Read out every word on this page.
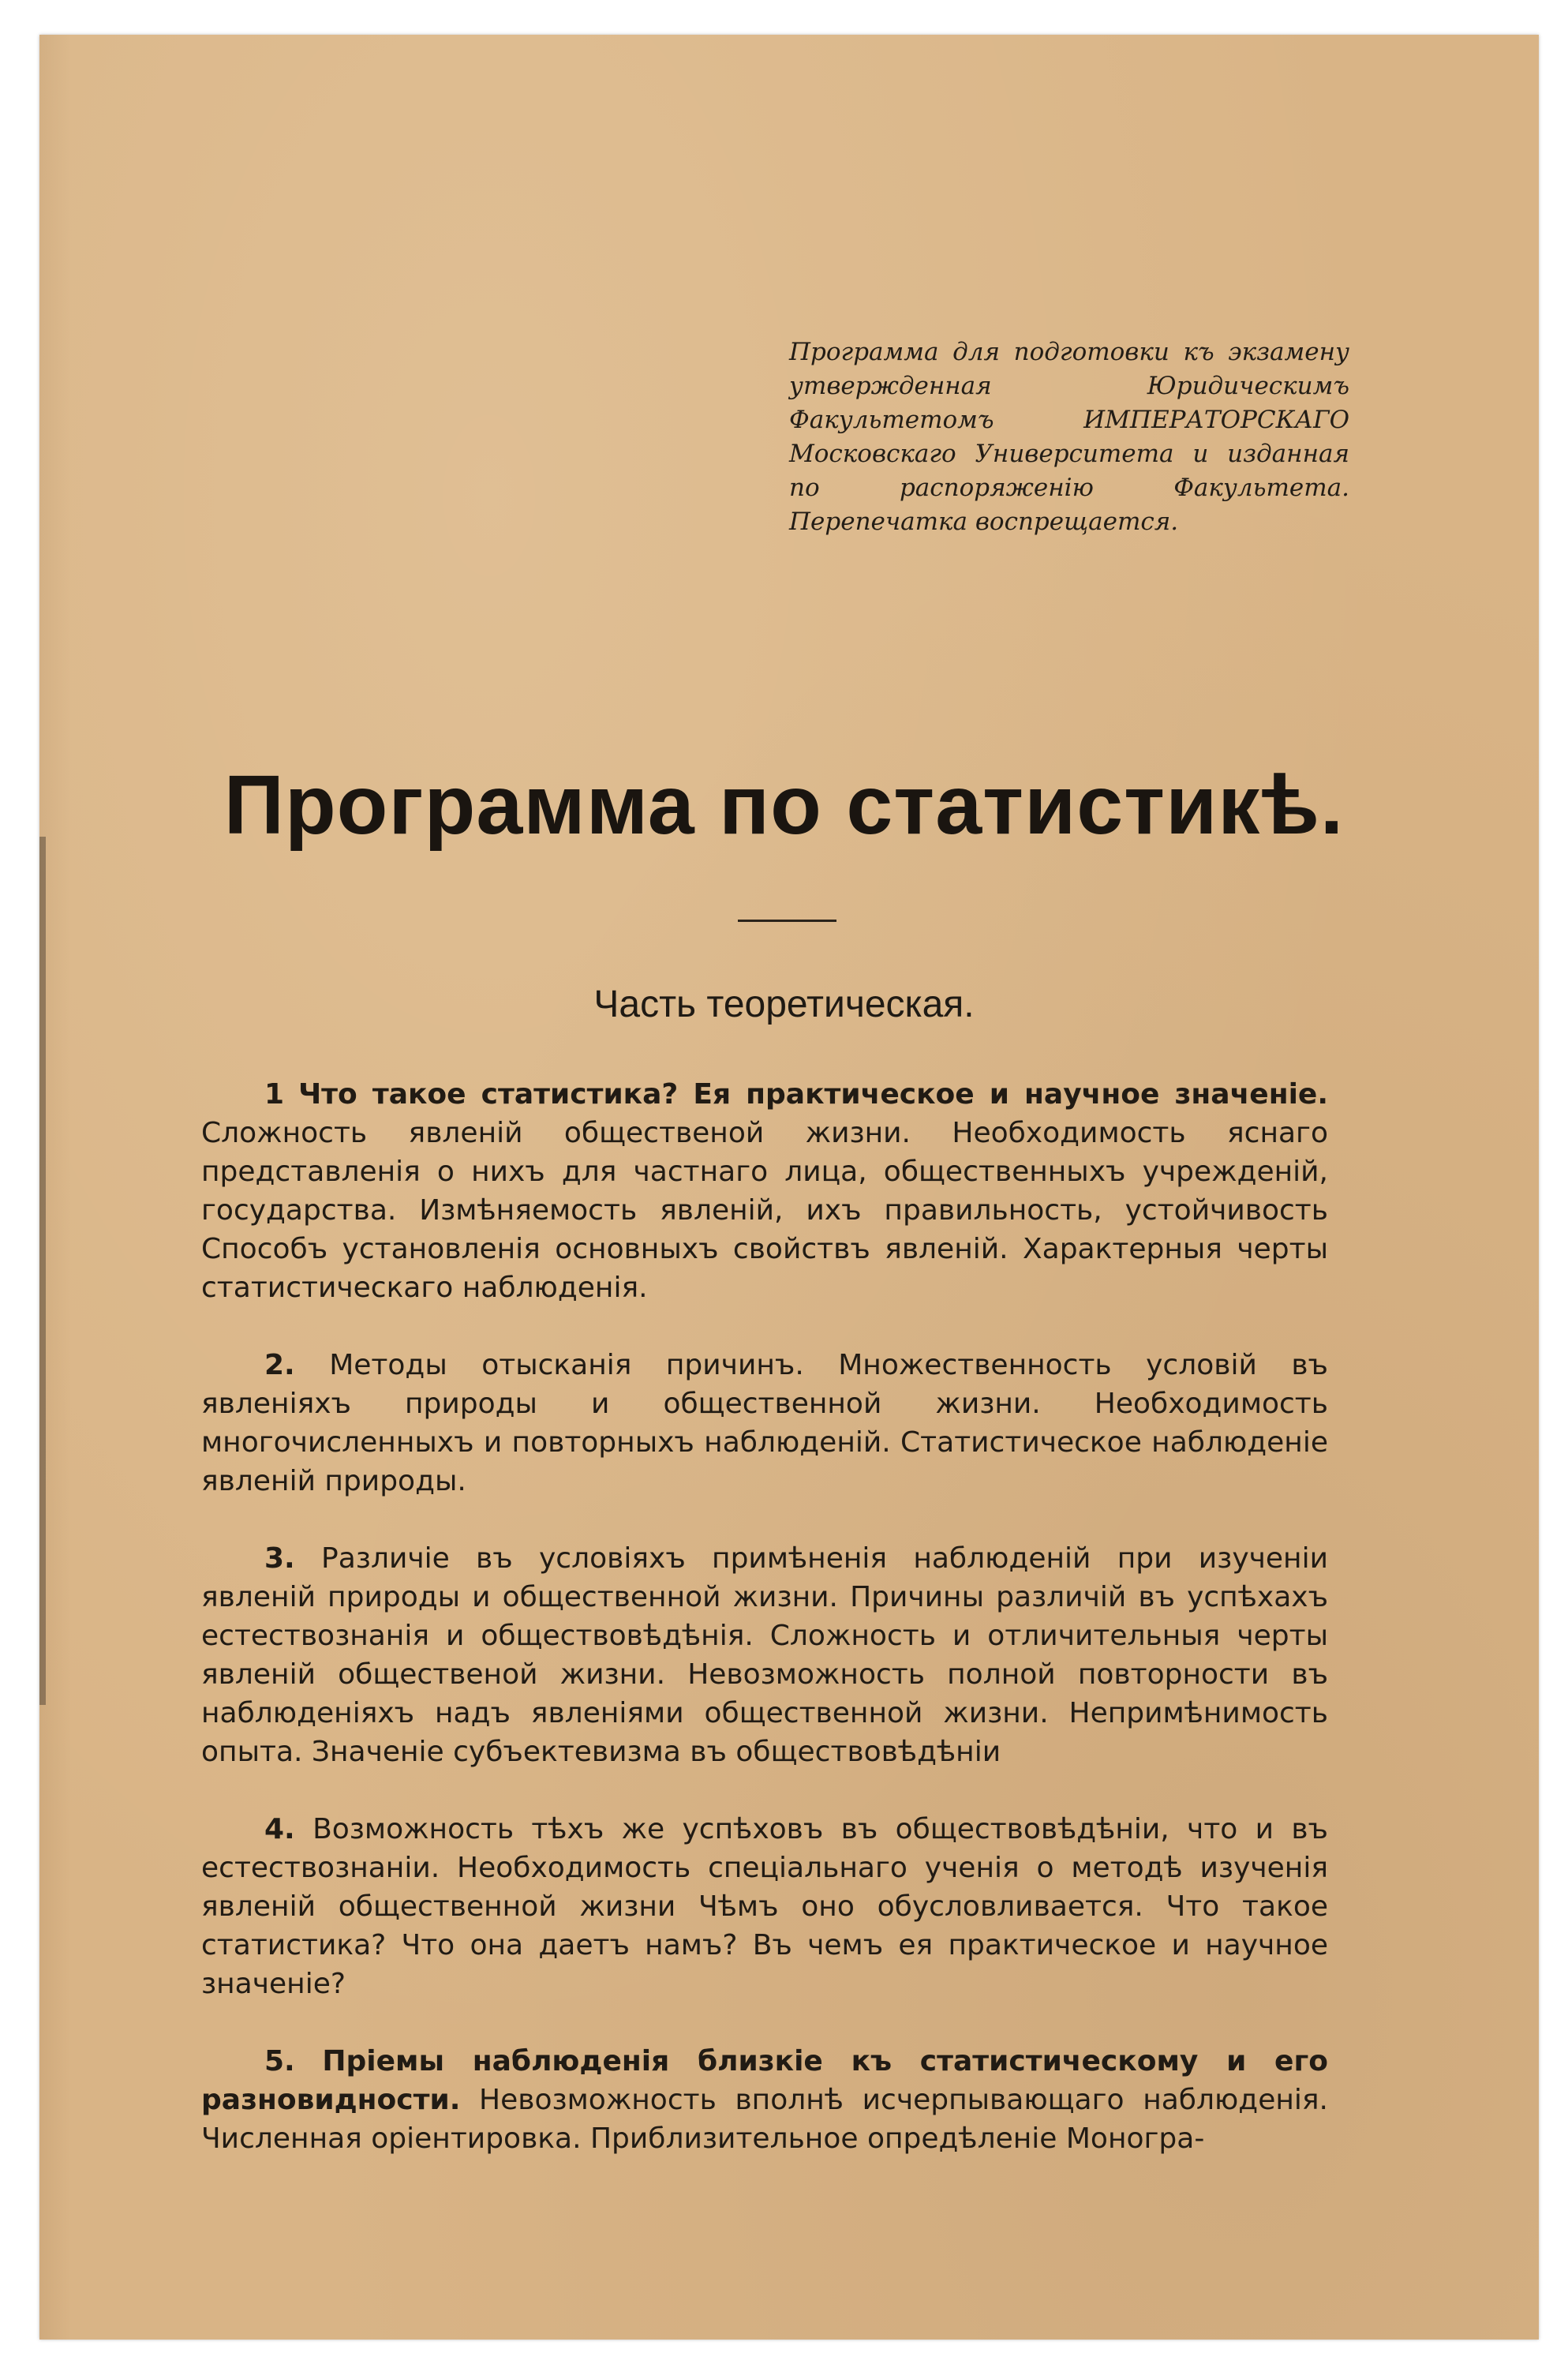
Программа для подготовки къ экзамену утвержденная Юридическимъ Факультетомъ ИМПЕРАТОРСКАГО Московскаго Университета и изданная по распоряженію Факультета. Перепечатка воспрещается.

Программа по статистикѣ.
Часть теоретическая.

1 Что такое статистика? Ея практическое и научное значеніе. Сложность явленій общественой жизни. Необходимость яснаго представленія о нихъ для частнаго лица, общественныхъ учрежденій, государства. Измѣняемость явленій, ихъ правильность, устойчивость Способъ установленія основныхъ свойствъ явленій. Характерныя черты статистическаго наблюденія.

2. Методы отысканія причинъ. Множественность условій въ явленіяхъ природы и общественной жизни. Необходимость многочисленныхъ и повторныхъ наблюденій. Статистическое наблюденіе явленій природы.

3. Различіе въ условіяхъ примѣненія наблюденій при изученіи явленій природы и общественной жизни. Причины различій въ успѣхахъ естествознанія и обществовѣдѣнія. Сложность и отличительныя черты явленій общественой жизни. Невозможность полной повторности въ наблюденіяхъ надъ явленіями общественной жизни. Непримѣнимость опыта. Значеніе субъектевизма въ обществовѣдѣніи

4. Возможность тѣхъ же успѣховъ въ обществовѣдѣніи, что и въ естествознаніи. Необходимость спеціальнаго ученія о методѣ изученія явленій общественной жизни Чѣмъ оно обусловливается. Что такое статистика? Что она даетъ намъ? Въ чемъ ея практическое и научное значеніе?

5. Пріемы наблюденія близкіе къ статистическому и его разновидности. Невозможность вполнѣ исчерпывающаго наблюденія. Численная оріентировка. Приблизительное опредѣленіе Моногра-
